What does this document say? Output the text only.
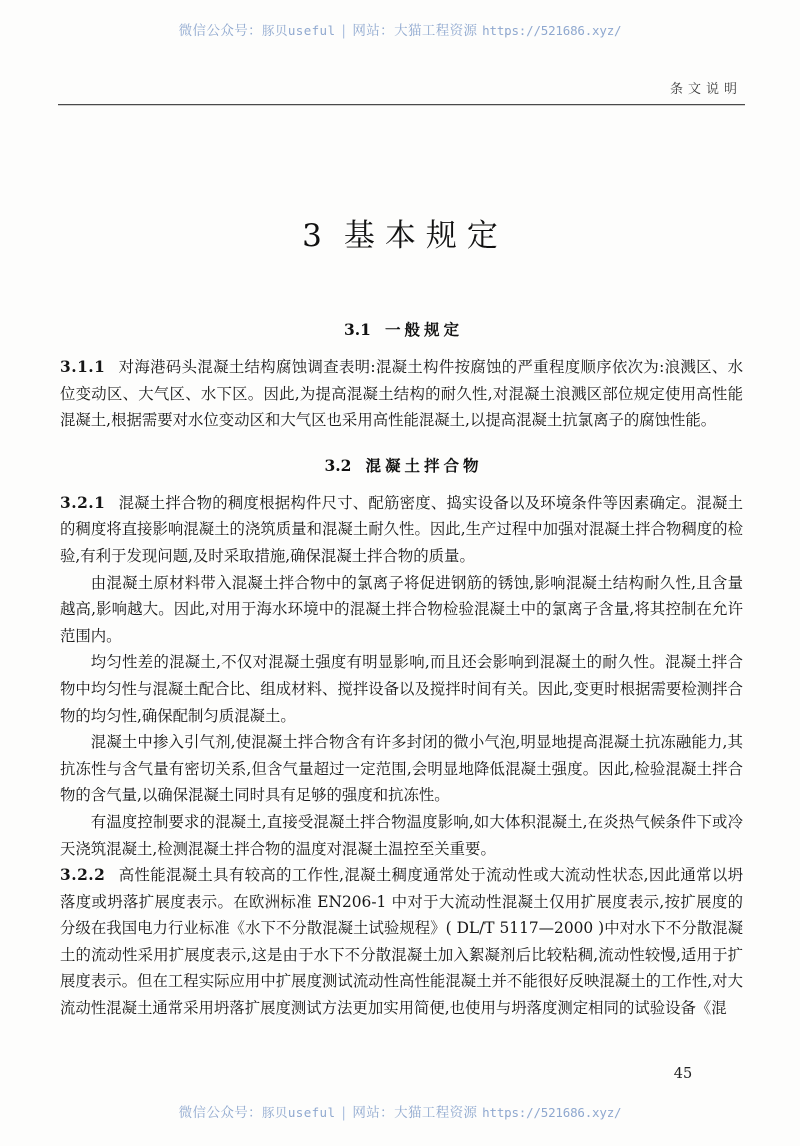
微信公众号：豚贝useful | 网站：大猫工程资源 https://521686.xyz/
条文说明
3 基本规定
3.1 一般规定

3.1.1 对海港码头混凝土结构腐蚀调查表明:混凝土构件按腐蚀的严重程度顺序依次为:浪溅区、水位变动区、大气区、水下区。因此,为提高混凝土结构的耐久性,对混凝土浪溅区部位规定使用高性能混凝土,根据需要对水位变动区和大气区也采用高性能混凝土,以提高混凝土抗氯离子的腐蚀性能。

3.2 混凝土拌合物

3.2.1 混凝土拌合物的稠度根据构件尺寸、配筋密度、捣实设备以及环境条件等因素确定。混凝土的稠度将直接影响混凝土的浇筑质量和混凝土耐久性。因此,生产过程中加强对混凝土拌合物稠度的检验,有利于发现问题,及时采取措施,确保混凝土拌合物的质量。

由混凝土原材料带入混凝土拌合物中的氯离子将促进钢筋的锈蚀,影响混凝土结构耐久性,且含量越高,影响越大。因此,对用于海水环境中的混凝土拌合物检验混凝土中的氯离子含量,将其控制在允许范围内。

均匀性差的混凝土,不仅对混凝土强度有明显影响,而且还会影响到混凝土的耐久性。混凝土拌合物中均匀性与混凝土配合比、组成材料、搅拌设备以及搅拌时间有关。因此,变更时根据需要检测拌合物的均匀性,确保配制匀质混凝土。

混凝土中掺入引气剂,使混凝土拌合物含有许多封闭的微小气泡,明显地提高混凝土抗冻融能力,其抗冻性与含气量有密切关系,但含气量超过一定范围,会明显地降低混凝土强度。因此,检验混凝土拌合物的含气量,以确保混凝土同时具有足够的强度和抗冻性。

有温度控制要求的混凝土,直接受混凝土拌合物温度影响,如大体积混凝土,在炎热气候条件下或冷天浇筑混凝土,检测混凝土拌合物的温度对混凝土温控至关重要。

3.2.2 高性能混凝土具有较高的工作性,混凝土稠度通常处于流动性或大流动性状态,因此通常以坍落度或坍落扩展度表示。在欧洲标准 EN206-1 中对于大流动性混凝土仅用扩展度表示,按扩展度的分级在我国电力行业标准《水下不分散混凝土试验规程》( DL/T 5117—2000 )中对水下不分散混凝土的流动性采用扩展度表示,这是由于水下不分散混凝土加入絮凝剂后比较粘稠,流动性较慢,适用于扩展度表示。但在工程实际应用中扩展度测试流动性高性能混凝土并不能很好反映混凝土的工作性,对大流动性混凝土通常采用坍落扩展度测试方法更加实用简便,也使用与坍落度测定相同的试验设备《混

45
微信公众号：豚贝useful | 网站：大猫工程资源 https://521686.xyz/
